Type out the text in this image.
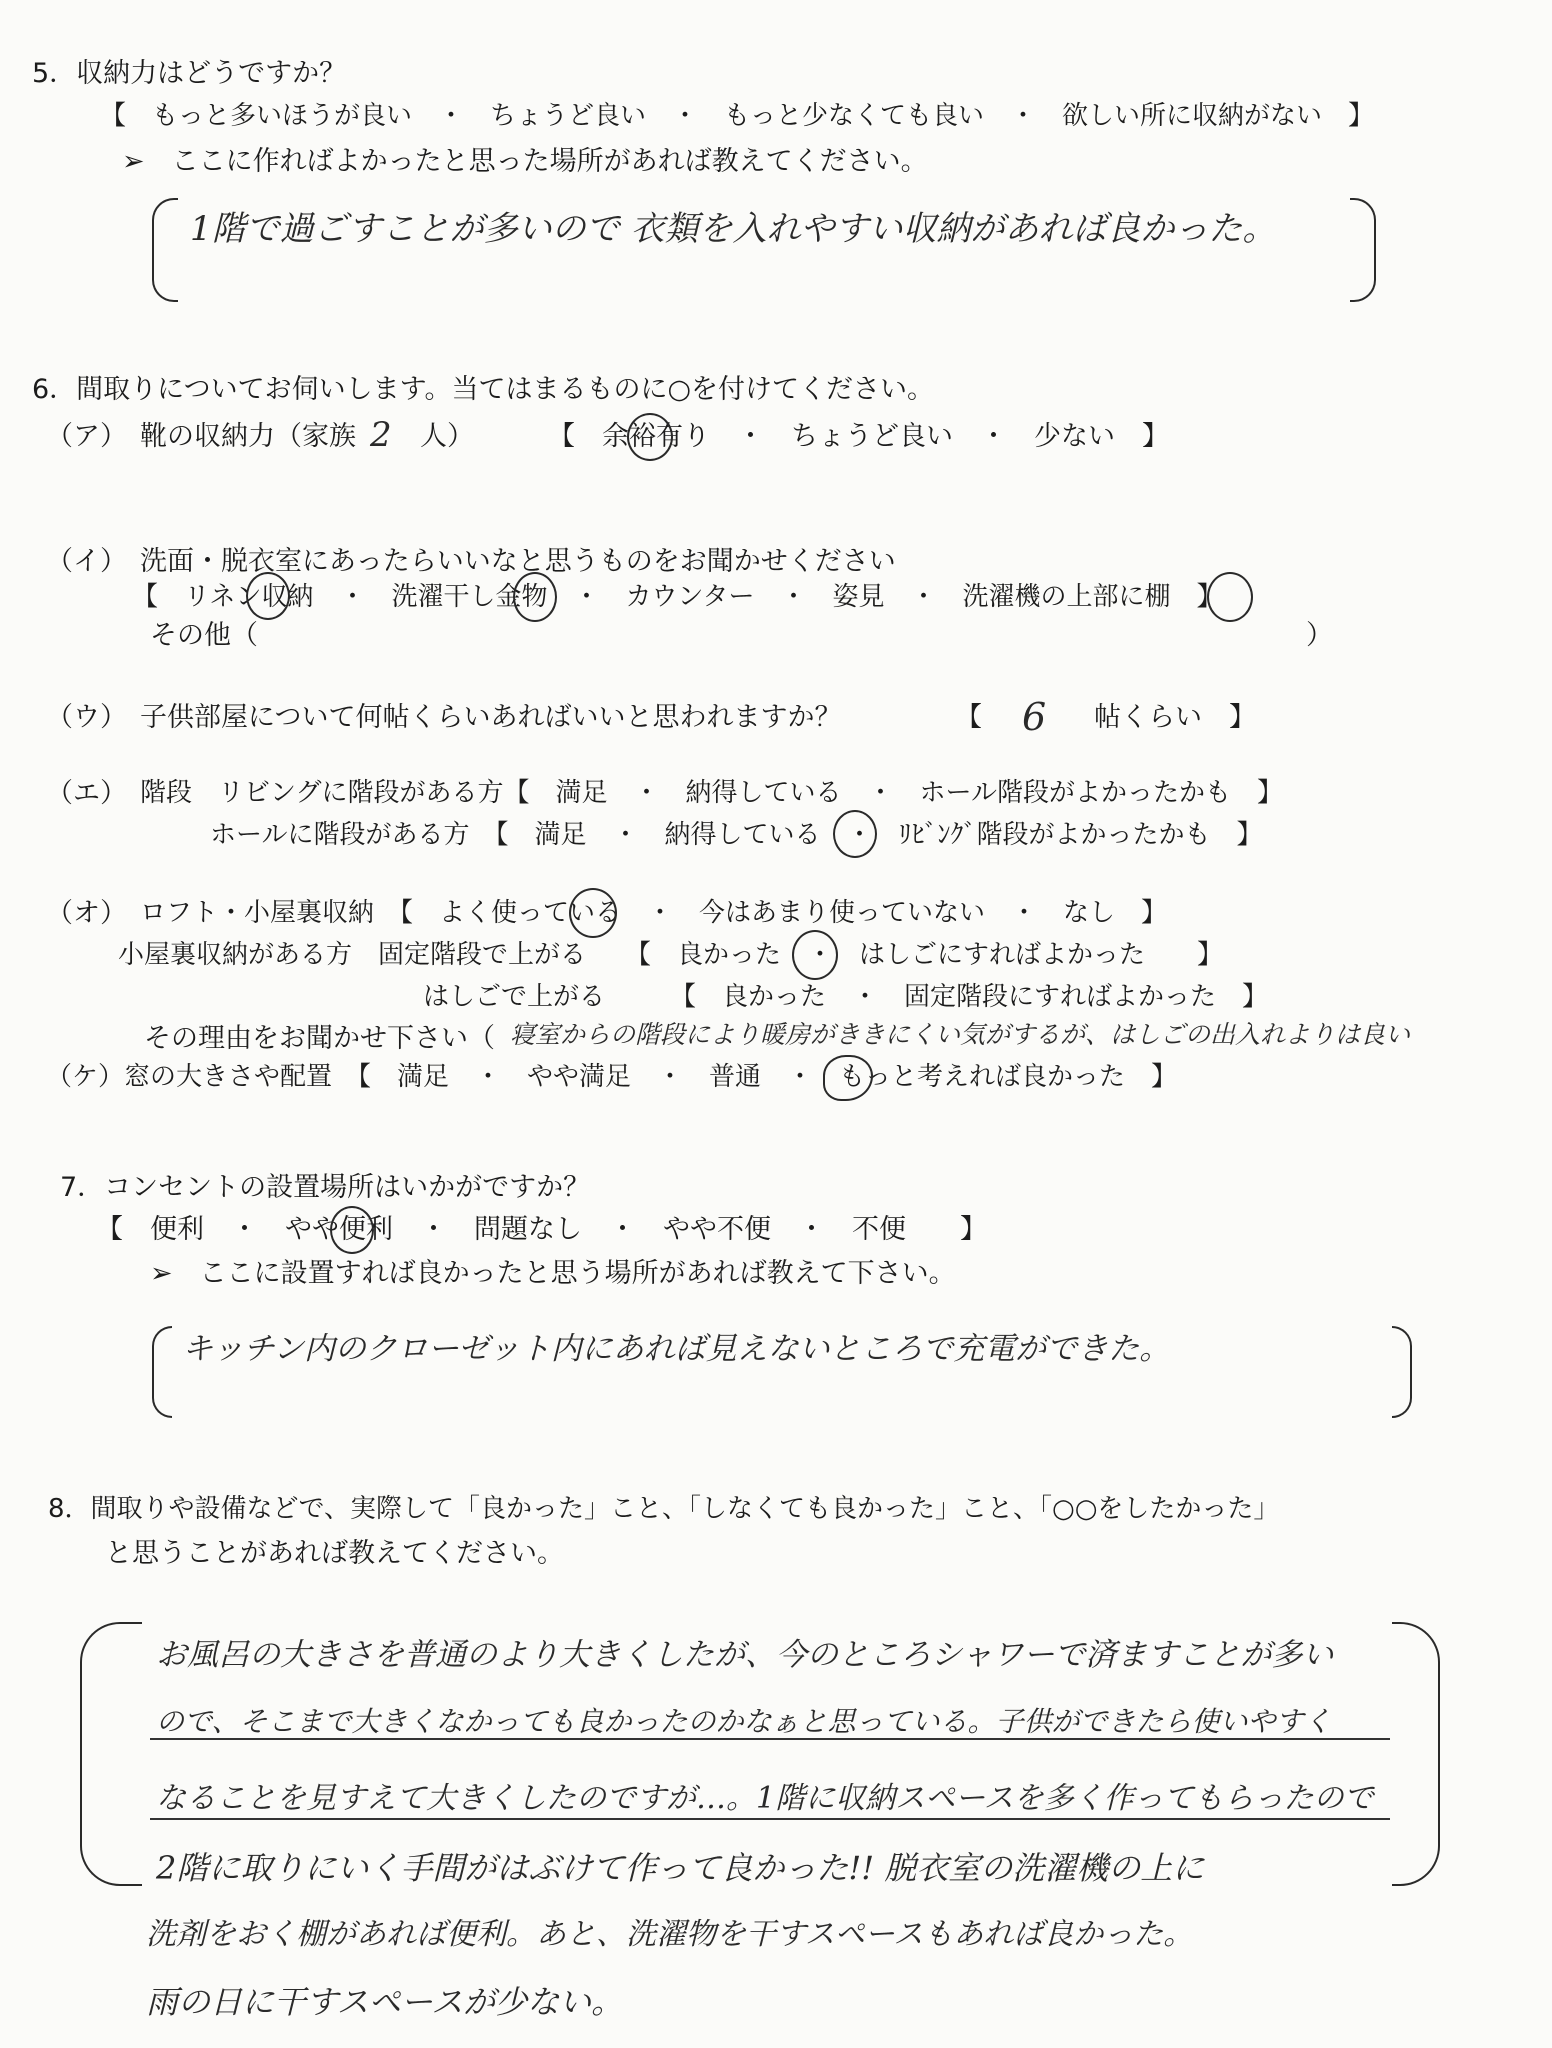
5．収納力はどうですか？
【　もっと多いほうが良い　・　ちょうど良い　・　もっと少なくても良い　・　欲しい所に収納がない　】
➢　ここに作ればよかったと思った場所があれば教えてください。
1階で過ごすことが多いので 衣類を入れやすい収納があれば良かった。
6．間取りについてお伺いします。当てはまるものに○を付けてください。
（ア） 靴の収納力（家族 2 人）	【　余裕有り　・　ちょうど良い　・　少ない　】
（イ） 洗面・脱衣室にあったらいいなと思うものをお聞かせください
【　リネン収納　・　洗濯干し金物　・　カウンター　・　姿見　・　洗濯機の上部に棚　】
その他（	）
（ウ） 子供部屋について何帖くらいあればいいと思われますか？	【 6 帖くらい　】
（エ） 階段　リビングに階段がある方【　満足　・　納得している　・　ホール階段がよかったかも　】
ホールに階段がある方　【　満足　・　納得している　・　ﾘﾋﾞﾝｸﾞ階段がよかったかも　】
（オ） ロフト・小屋裏収納　【　よく使っている　・　今はあまり使っていない　・　なし　】
小屋裏収納がある方　固定階段で上がる　　【　良かった　・　はしごにすればよかった　　】
はしごで上がる　　　【　良かった　・　固定階段にすればよかった　】
その理由をお聞かせ下さい（ 寝室からの階段により暖房がききにくい気がするが、はしごの出入れよりは良い
（ケ）窓の大きさや配置　【　満足　・　やや満足　・　普通　・　もっと考えれば良かった　】
7．コンセントの設置場所はいかがですか？
【　便利　・　やや便利　・　問題なし　・　やや不便　・　不便　　】
➢　ここに設置すれば良かったと思う場所があれば教えて下さい。
キッチン内のクローゼット内にあれば見えないところで充電ができた。
8．間取りや設備などで、実際して「良かった」こと、「しなくても良かった」こと、「○○をしたかった」
と思うことがあれば教えてください。
お風呂の大きさを普通のより大きくしたが、今のところシャワーで済ますことが多い
ので、そこまで大きくなかっても良かったのかなぁと思っている。子供ができたら使いやすく
なることを見すえて大きくしたのですが…。1階に収納スペースを多く作ってもらったので
2階に取りにいく手間がはぶけて作って良かった!! 脱衣室の洗濯機の上に
洗剤をおく棚があれば便利。あと、洗濯物を干すスペースもあれば良かった。
雨の日に干すスペースが少ない。
